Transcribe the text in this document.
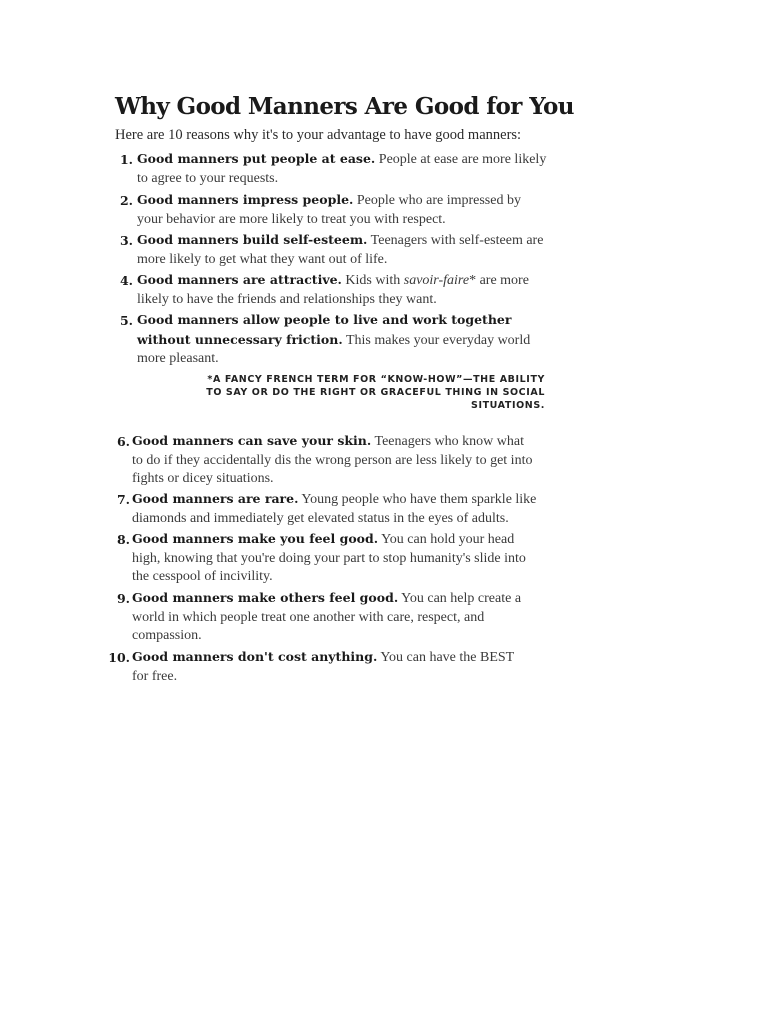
Why Good Manners Are Good for You

Here are 10 reasons why it's to your advantage to have good manners:

1. Good manners put people at ease. People at ease are more likely to agree to your requests.
2. Good manners impress people. People who are impressed by your behavior are more likely to treat you with respect.
3. Good manners build self-esteem. Teenagers with self-esteem are more likely to get what they want out of life.
4. Good manners are attractive. Kids with savoir-faire* are more likely to have the friends and relationships they want.
5. Good manners allow people to live and work together without unnecessary friction. This makes your everyday world more pleasant.

*A FANCY FRENCH TERM FOR “KNOW-HOW”—THE ABILITY TO SAY OR DO THE RIGHT OR GRACEFUL THING IN SOCIAL SITUATIONS.

6. Good manners can save your skin. Teenagers who know what to do if they accidentally dis the wrong person are less likely to get into fights or dicey situations.
7. Good manners are rare. Young people who have them sparkle like diamonds and immediately get elevated status in the eyes of adults.
8. Good manners make you feel good. You can hold your head high, knowing that you're doing your part to stop humanity's slide into the cesspool of incivility.
9. Good manners make others feel good. You can help create a world in which people treat one another with care, respect, and compassion.
10. Good manners don't cost anything. You can have the BEST for free.
